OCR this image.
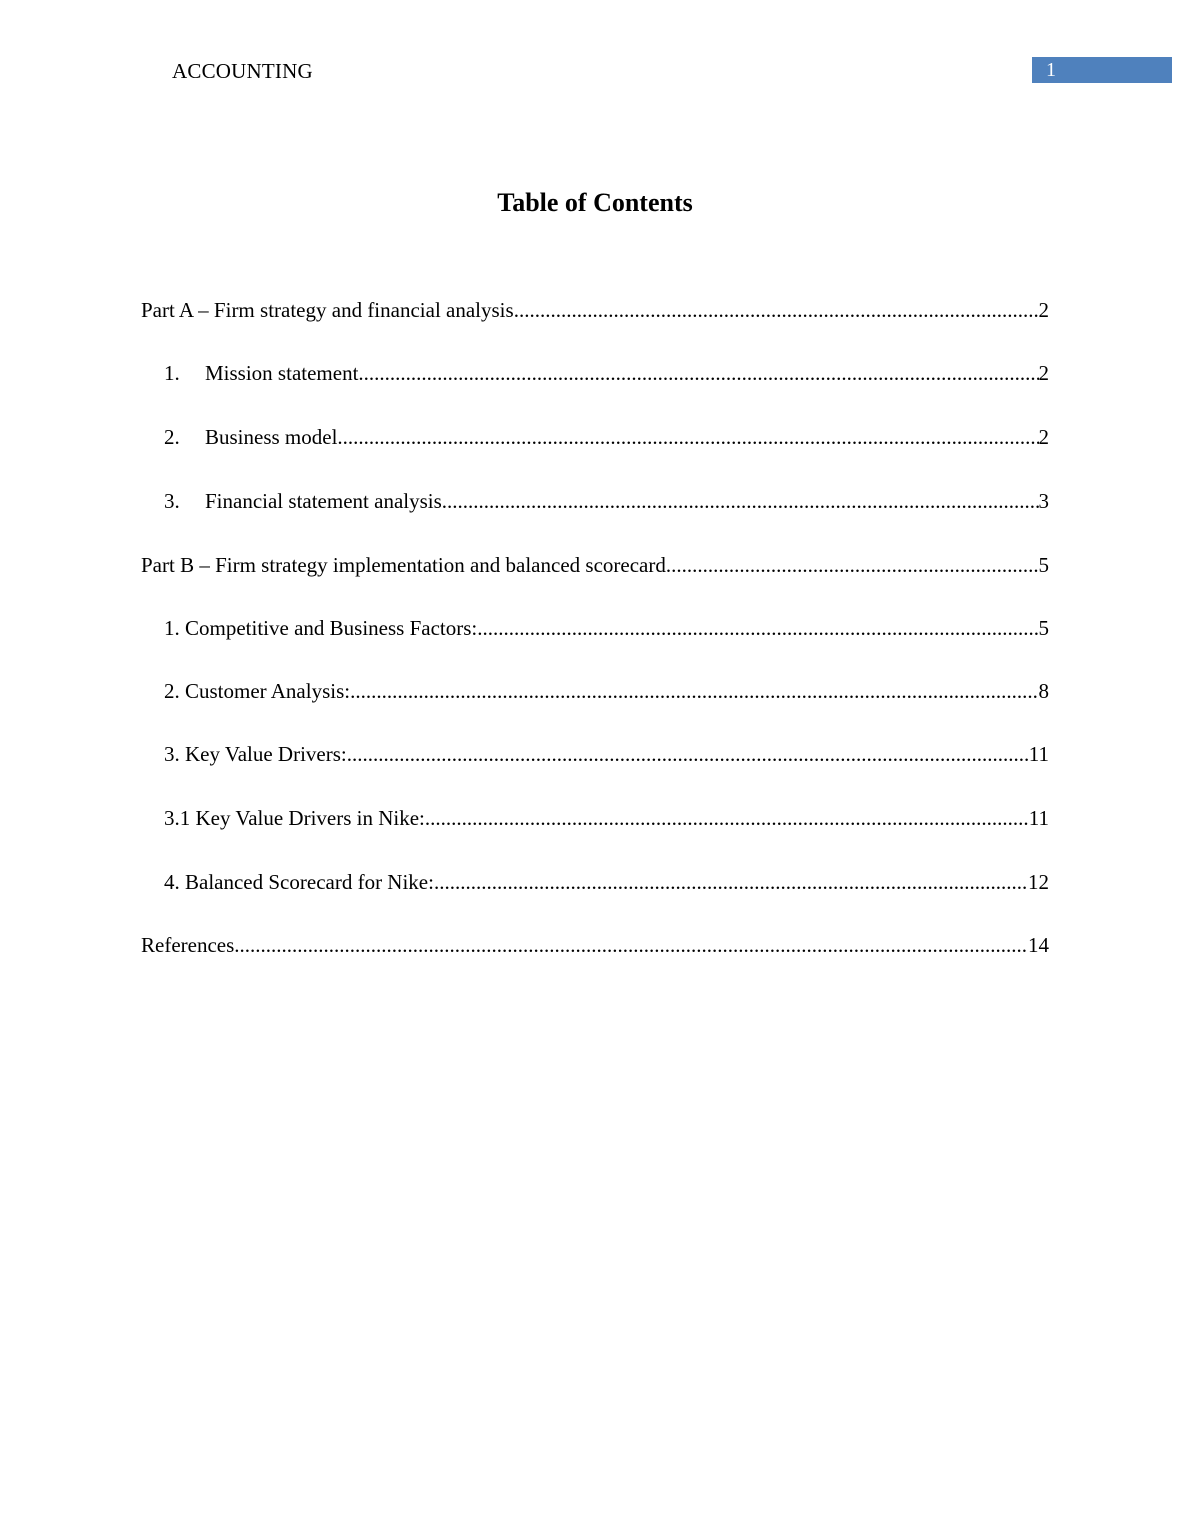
ACCOUNTING	1
Table of Contents
Part A – Firm strategy and financial analysis .....	2
1.	Mission statement .....	2
2.	Business model .....	2
3.	Financial statement analysis .....	3
Part B – Firm strategy implementation and balanced scorecard .....	5
1. Competitive and Business Factors: .....	5
2. Customer Analysis: .....	8
3. Key Value Drivers: .....	11
3.1 Key Value Drivers in Nike: .....	11
4. Balanced Scorecard for Nike: .....	12
References .....	14
